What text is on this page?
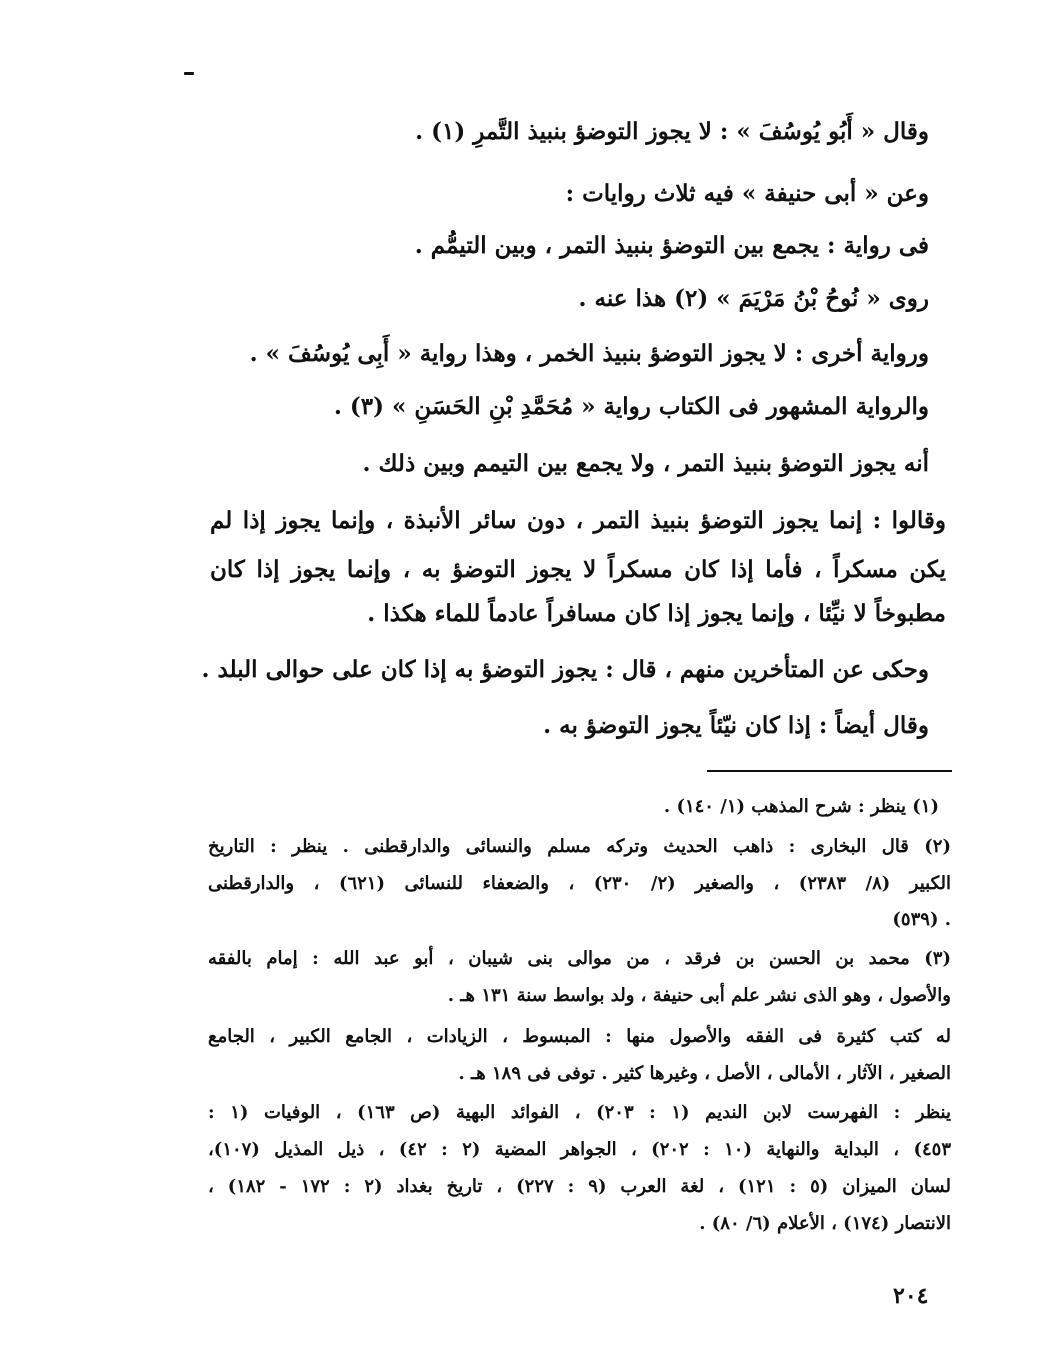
وقال « أَبُو يُوسُفَ » : لا يجوز التوضؤ بنبيذ التَّمرِ (١) .
وعن « أبى حنيفة » فيه ثلاث روايات :
فى رواية : يجمع بين التوضؤ بنبيذ التمر ، وبين التيمُّم .
روى « نُوحُ بْنُ مَرْيَمَ » (٢) هذا عنه .
ورواية أخرى : لا يجوز التوضؤ بنبيذ الخمر ، وهذا رواية « أَبِى يُوسُفَ » .
والرواية المشهور فى الكتاب رواية « مُحَمَّدِ بْنِ الحَسَنِ » (٣) .
أنه يجوز التوضؤ بنبيذ التمر ، ولا يجمع بين التيمم وبين ذلك .
وقالوا : إنما يجوز التوضؤ بنبيذ التمر ، دون سائر الأنبذة ، وإنما يجوز إذا لم
يكن مسكراً ، فأما إذا كان مسكراً لا يجوز التوضؤ به ، وإنما يجوز إذا كان
مطبوخاً لا نيِّئا ، وإنما يجوز إذا كان مسافراً عادماً للماء هكذا .
وحكى عن المتأخرين منهم ، قال : يجوز التوضؤ به إذا كان على حوالى البلد .
وقال أيضاً : إذا كان نيّئاً يجوز التوضؤ به .
(١) ينظر : شرح المذهب (١/ ١٤٠) .
(٢) قال البخارى : ذاهب الحديث وتركه مسلم والنسائى والدارقطنى . ينظر : التاريخ
الكبير (٨/ ٢٣٨٣) ، والصغير (٢/ ٢٣٠) ، والضعفاء للنسائى (٦٢١) ، والدارقطنى
(٥٣٩) .
(٣) محمد بن الحسن بن فرقد ، من موالى بنى شيبان ، أبو عبد الله : إمام بالفقه
والأصول ، وهو الذى نشر علم أبى حنيفة ، ولد بواسط سنة ١٣١ هـ .
له كتب كثيرة فى الفقه والأصول منها : المبسوط ، الزيادات ، الجامع الكبير ، الجامع
الصغير ، الآثار ، الأمالى ، الأصل ، وغيرها كثير . توفى فى ١٨٩ هـ .
ينظر : الفهرست لابن النديم (١ : ٢٠٣) ، الفوائد البهية (ص ١٦٣) ، الوفيات (١ :
٤٥٣) ، البداية والنهاية (١٠ : ٢٠٢) ، الجواهر المضية (٢ : ٤٢) ، ذيل المذيل (١٠٧)،
لسان الميزان (٥ : ١٢١) ، لغة العرب (٩ : ٢٢٧) ، تاريخ بغداد (٢ : ١٧٢ - ١٨٢) ،
الانتصار (١٧٤) ، الأعلام (٦/ ٨٠) .
٢٠٤
